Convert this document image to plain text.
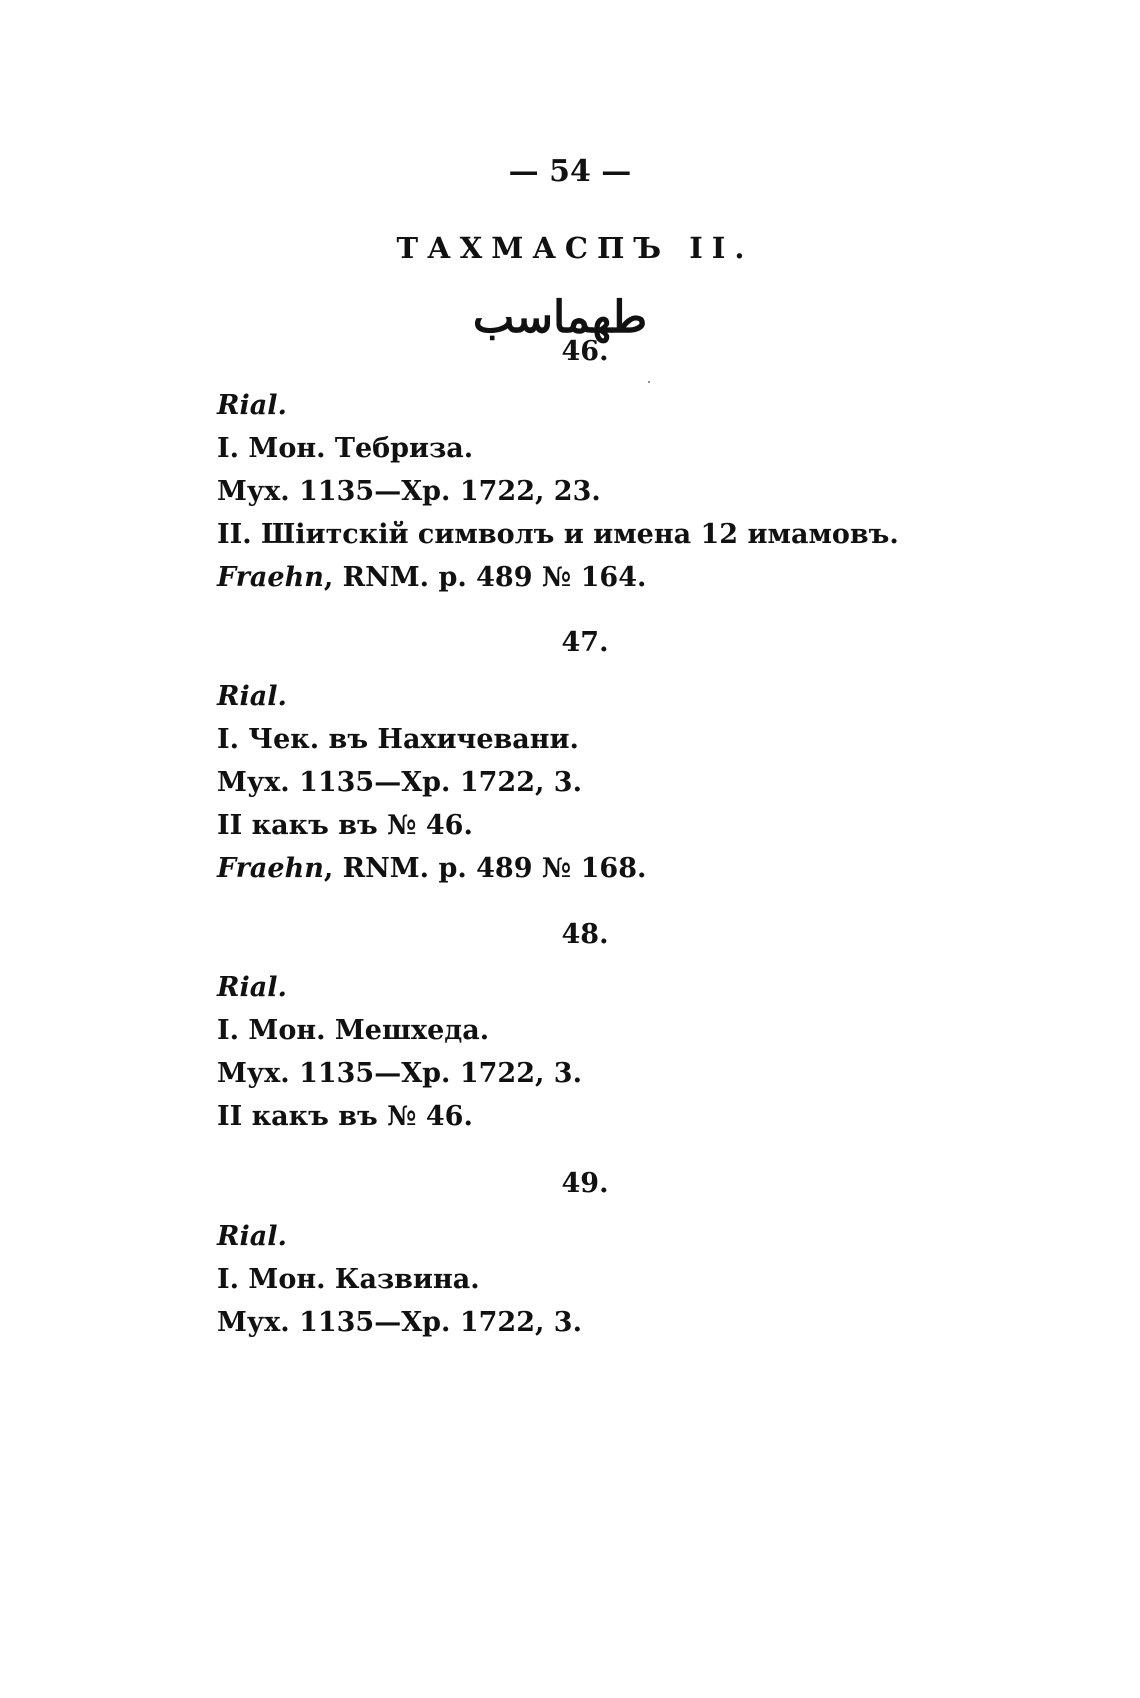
— 54 —
ТАХМАСПЪ II.
طهماسب
46.
Rial.
I. Мон. Тебриза.
Мух. 1135—Хр. 1722, 23.
II. Шiитскiй символъ и имена 12 имамовъ.
Fraehn, RNM. p. 489 № 164.
47.
Rial.
I. Чек. въ Нахичевани.
Мух. 1135—Хр. 1722, 3.
II какъ въ № 46.
Fraehn, RNM. p. 489 № 168.
48.
Rial.
I. Мон. Мешхеда.
Мух. 1135—Хр. 1722, 3.
II какъ въ № 46.
49.
Rial.
I. Мон. Казвина.
Мух. 1135—Хр. 1722, 3.
